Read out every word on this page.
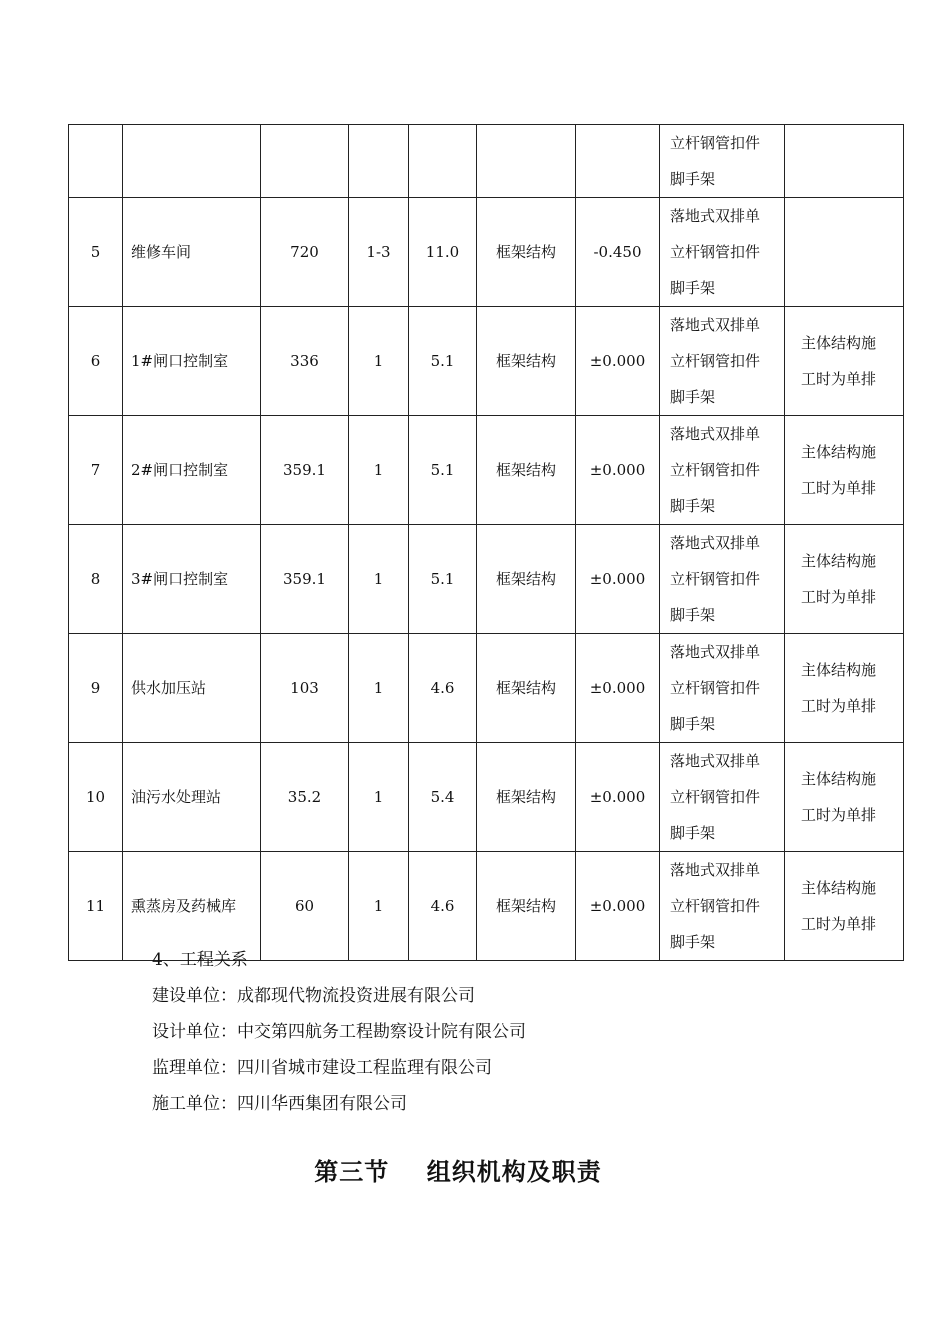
							立杆钢管扣件
脚手架	

5	维修车间	720	1-3	11.0	框架结构	-0.450	落地式双排单
立杆钢管扣件
脚手架	

6	1#闸口控制室	336	1	5.1	框架结构	±0.000	落地式双排单
立杆钢管扣件
脚手架	主体结构施
工时为单排

7	2#闸口控制室	359.1	1	5.1	框架结构	±0.000	落地式双排单
立杆钢管扣件
脚手架	主体结构施
工时为单排

8	3#闸口控制室	359.1	1	5.1	框架结构	±0.000	落地式双排单
立杆钢管扣件
脚手架	主体结构施
工时为单排

9	供水加压站	103	1	4.6	框架结构	±0.000	落地式双排单
立杆钢管扣件
脚手架	主体结构施
工时为单排

10	油污水处理站	35.2	1	5.4	框架结构	±0.000	落地式双排单
立杆钢管扣件
脚手架	主体结构施
工时为单排

11	熏蒸房及药械库	60	1	4.6	框架结构	±0.000	落地式双排单
立杆钢管扣件
脚手架	主体结构施
工时为单排
4、工程关系
建设单位：成都现代物流投资进展有限公司
设计单位：中交第四航务工程勘察设计院有限公司
监理单位：四川省城市建设工程监理有限公司
施工单位：四川华西集团有限公司
第三节    组织机构及职责
